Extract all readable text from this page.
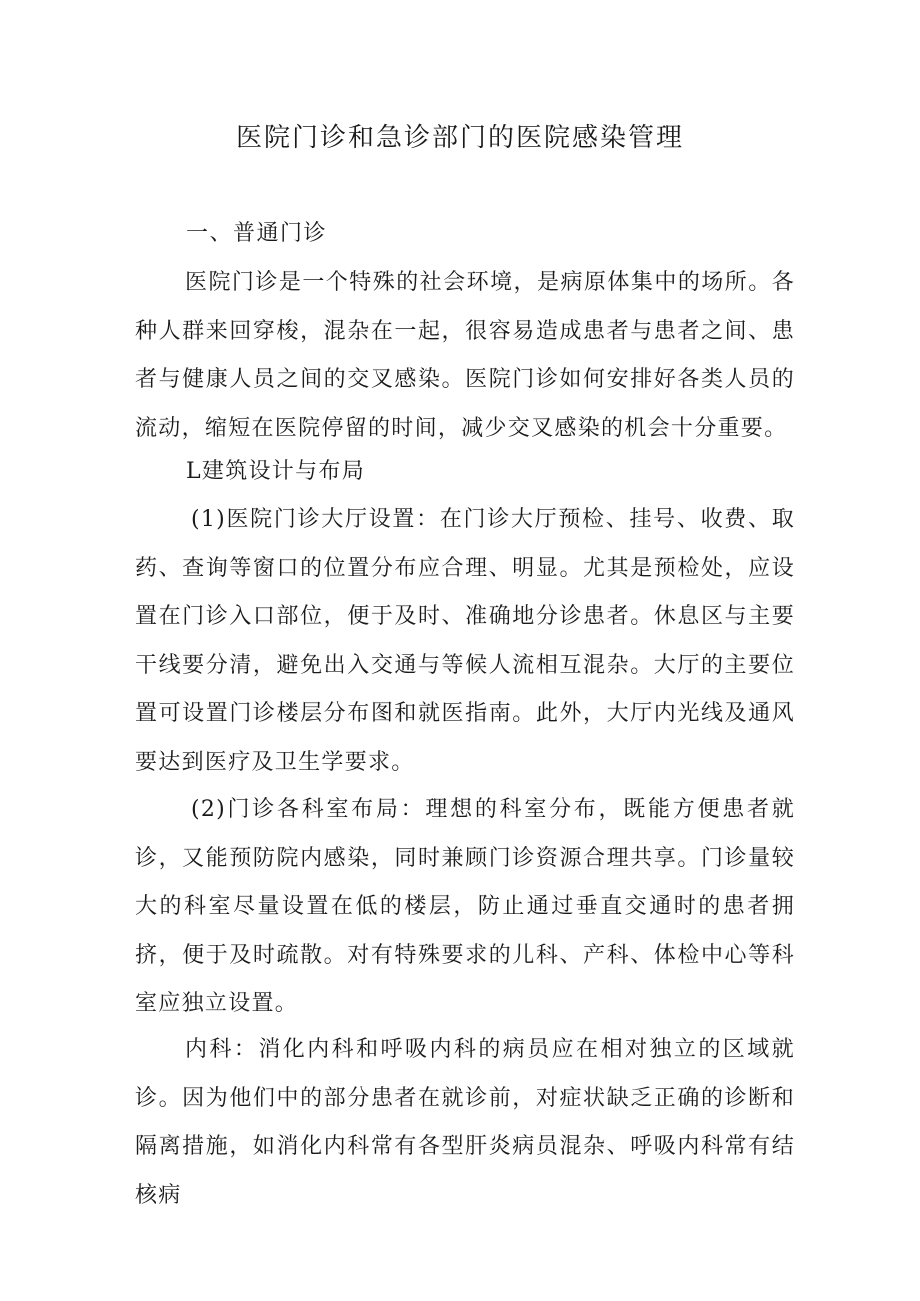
医院门诊和急诊部门的医院感染管理
一、普通门诊

医院门诊是一个特殊的社会环境，是病原体集中的场所。各种人群来回穿梭，混杂在一起，很容易造成患者与患者之间、患者与健康人员之间的交叉感染。医院门诊如何安排好各类人员的流动，缩短在医院停留的时间，减少交叉感染的机会十分重要。

L建筑设计与布局

(1)医院门诊大厅设置：在门诊大厅预检、挂号、收费、取药、查询等窗口的位置分布应合理、明显。尤其是预检处，应设置在门诊入口部位，便于及时、准确地分诊患者。休息区与主要干线要分清，避免出入交通与等候人流相互混杂。大厅的主要位置可设置门诊楼层分布图和就医指南。此外，大厅内光线及通风要达到医疗及卫生学要求。

(2)门诊各科室布局：理想的科室分布，既能方便患者就诊，又能预防院内感染，同时兼顾门诊资源合理共享。门诊量较大的科室尽量设置在低的楼层，防止通过垂直交通时的患者拥挤，便于及时疏散。对有特殊要求的儿科、产科、体检中心等科室应独立设置。

内科：消化内科和呼吸内科的病员应在相对独立的区域就诊。因为他们中的部分患者在就诊前，对症状缺乏正确的诊断和隔离措施，如消化内科常有各型肝炎病员混杂、呼吸内科常有结核病
